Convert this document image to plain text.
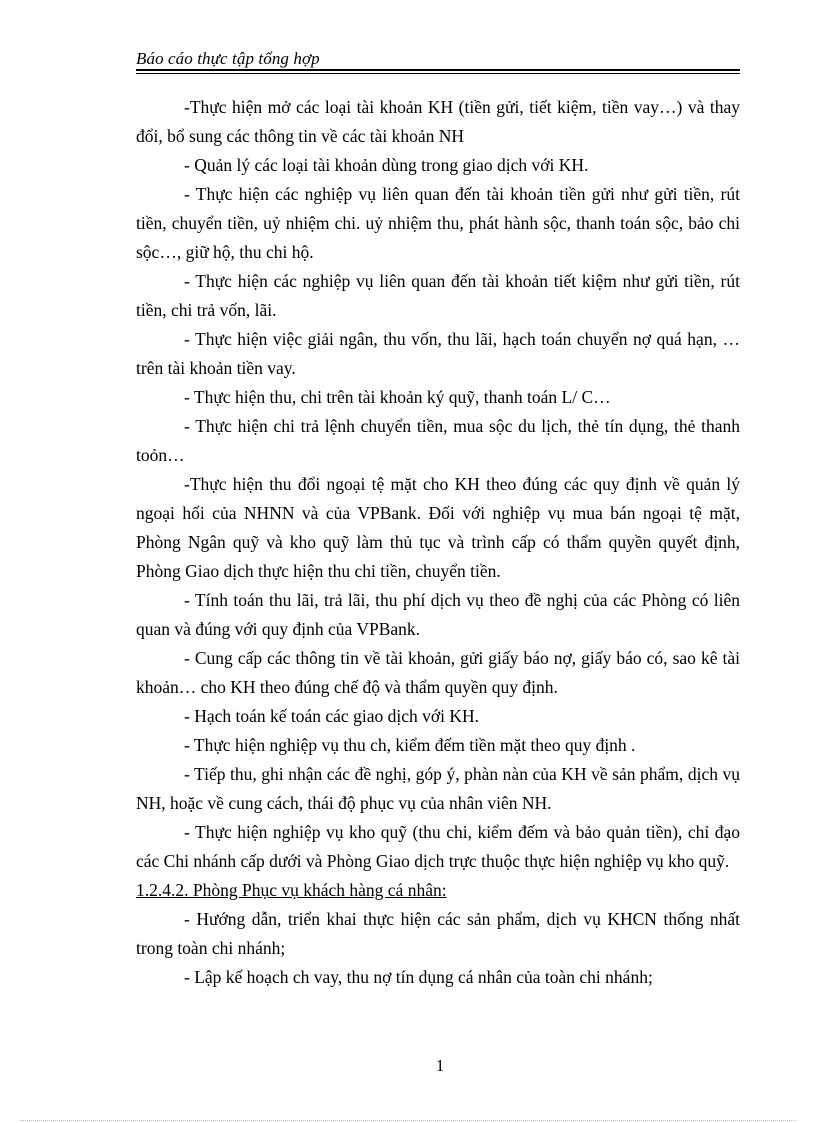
Báo cáo thực tập tổng hợp

-Thực hiện mở các loại tài khoản KH (tiền gửi, tiết kiệm, tiền vay…) và thay đổi, bổ sung các thông tin về các tài khoản NH

- Quản lý các loại tài khoản dùng trong giao dịch với KH.

- Thực hiện các nghiệp vụ liên quan đến tài khoản tiền gửi như gửi tiền, rút tiền, chuyển tiền, uỷ nhiệm chi. uỷ nhiệm thu, phát hành sộc, thanh toán sộc, bảo chi sộc…, giữ hộ, thu chi hộ.

- Thực hiện các nghiệp vụ liên quan đến tài khoản tiết kiệm như gửi tiền, rút tiền, chi trả vốn, lãi.

- Thực hiện việc giải ngân, thu vốn, thu lãi, hạch toán chuyển nợ quá hạn, … trên tài khoản tiền vay.

- Thực hiện thu, chi trên tài khoản ký quỹ, thanh toán L/ C…

- Thực hiện chi trả lệnh chuyển tiền, mua sộc du lịch, thẻ tín dụng, thẻ thanh toỏn…

-Thực hiện thu đổi ngoại tệ mặt cho KH theo đúng các quy định về quản lý ngoại hối của NHNN và của VPBank. Đối với nghiệp vụ mua bán ngoại tệ mặt, Phòng Ngân quỹ và kho quỹ làm thủ tục và trình cấp có thẩm quyền quyết định, Phòng Giao dịch thực hiện thu chi tiền, chuyển tiền.

- Tính toán thu lãi, trả lãi, thu phí dịch vụ theo đề nghị của các Phòng có liên quan và đúng với quy định của VPBank.

- Cung cấp các thông tin về tài khoản, gửi giấy báo nợ, giấy báo có, sao kê tài khoản… cho KH theo đúng chế độ và thẩm quyền quy định.

- Hạch toán kế toán các giao dịch với KH.

- Thực hiện nghiệp vụ thu ch, kiểm đếm tiền mặt theo quy định .

- Tiếp thu, ghi nhận các đề nghị, góp ý, phàn nàn của KH về sản phẩm, dịch vụ NH, hoặc về cung cách, thái độ phục vụ của nhân viên NH.

- Thực hiện nghiệp vụ kho quỹ (thu chi, kiểm đếm và bảo quản tiền), chỉ đạo các Chi nhánh cấp dưới và Phòng Giao dịch trực thuộc thực hiện nghiệp vụ kho quỹ.

1.2.4.2. Phòng Phục vụ khách hàng cá nhân:

- Hướng dẫn, triển khai thực hiện các sản phẩm, dịch vụ KHCN thống nhất trong toàn chi nhánh;

- Lập kế hoạch ch vay, thu nợ tín dụng cá nhân của toàn chi nhánh;

1
